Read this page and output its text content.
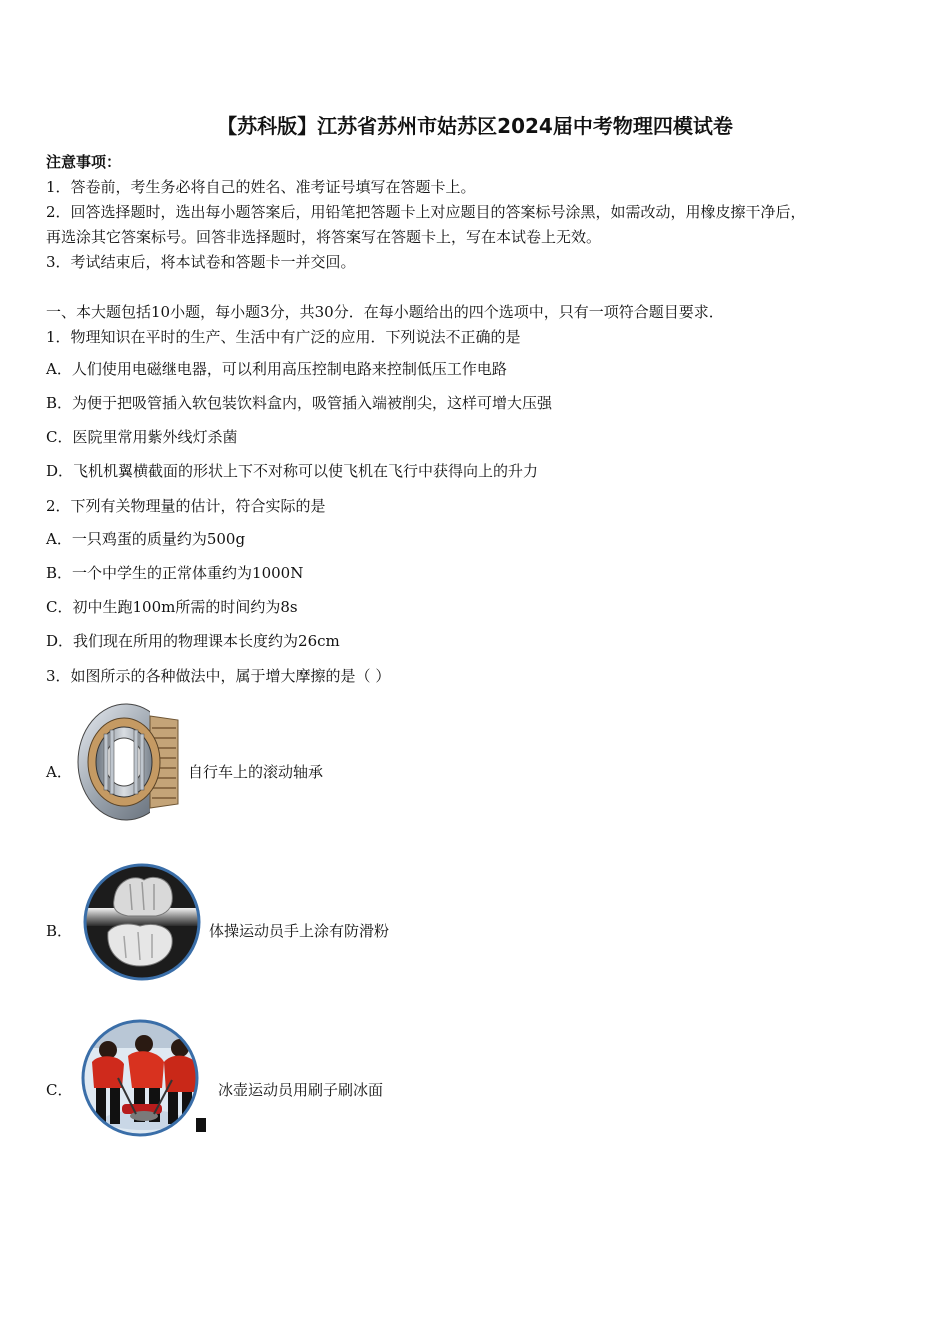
【苏科版】江苏省苏州市姑苏区2024届中考物理四模试卷
注意事项：
1．答卷前，考生务必将自己的姓名、准考证号填写在答题卡上。
2．回答选择题时，选出每小题答案后，用铅笔把答题卡上对应题目的答案标号涂黑，如需改动，用橡皮擦干净后，
再选涂其它答案标号。回答非选择题时，将答案写在答题卡上，写在本试卷上无效。
3．考试结束后，将本试卷和答题卡一并交回。
一、本大题包括10小题，每小题3分，共30分．在每小题给出的四个选项中，只有一项符合题目要求．
1．物理知识在平时的生产、生活中有广泛的应用．下列说法不正确的是
A．人们使用电磁继电器，可以利用高压控制电路来控制低压工作电路
B．为便于把吸管插入软包装饮料盒内，吸管插入端被削尖，这样可增大压强
C．医院里常用紫外线灯杀菌
D．飞机机翼横截面的形状上下不对称可以使飞机在飞行中获得向上的升力
2．下列有关物理量的估计，符合实际的是
A．一只鸡蛋的质量约为500g
B．一个中学生的正常体重约为1000N
C．初中生跑100m所需的时间约为8s
D．我们现在所用的物理课本长度约为26cm
3．如图所示的各种做法中，属于增大摩擦的是（ ）
A．	自行车上的滚动轴承
B．	体操运动员手上涂有防滑粉
C．	冰壶运动员用刷子刷冰面
